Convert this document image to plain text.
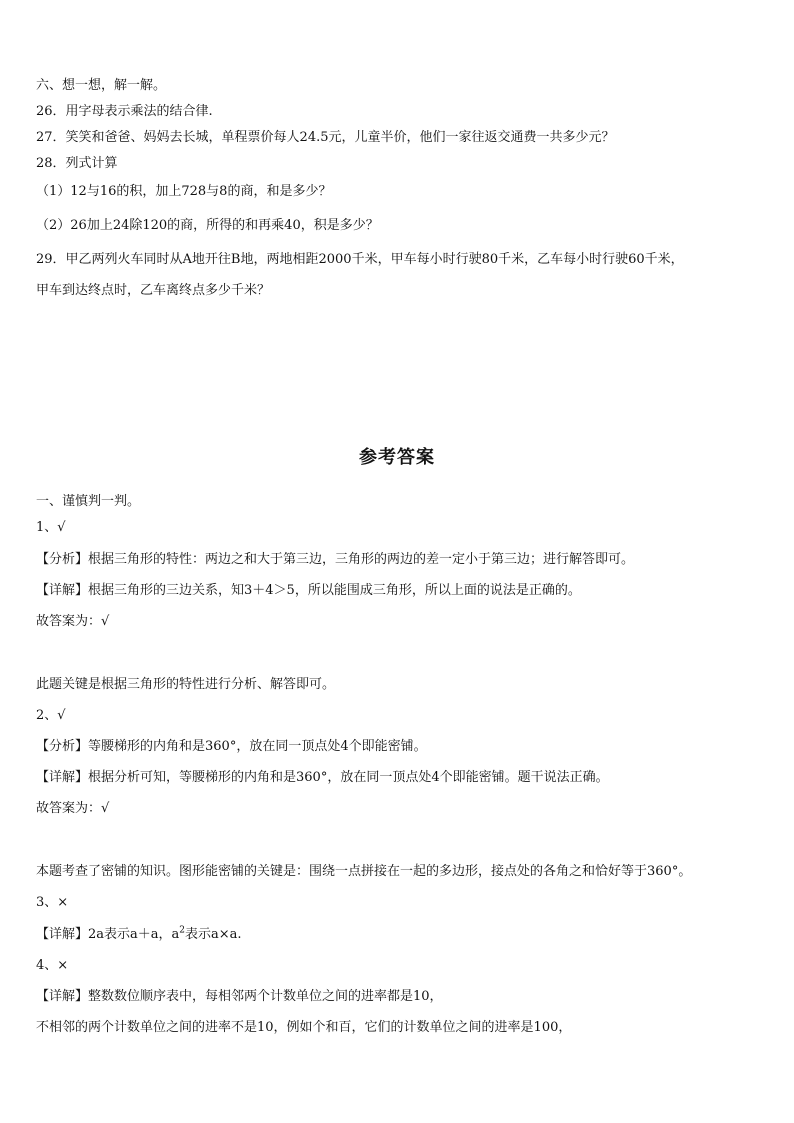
六、想一想，解一解。
26．用字母表示乘法的结合律.
27．笑笑和爸爸、妈妈去长城，单程票价每人24.5元，儿童半价，他们一家往返交通费一共多少元？
28．列式计算
（1）12与16的积，加上728与8的商，和是多少？
（2）26加上24除120的商，所得的和再乘40，积是多少？
29．甲乙两列火车同时从A地开往B地，两地相距2000千米，甲车每小时行驶80千米，乙车每小时行驶60千米，
甲车到达终点时，乙车离终点多少千米？
参考答案
一、谨慎判一判。
1、√
【分析】根据三角形的特性：两边之和大于第三边，三角形的两边的差一定小于第三边；进行解答即可。
【详解】根据三角形的三边关系，知3＋4＞5，所以能围成三角形，所以上面的说法是正确的。
故答案为：√
此题关键是根据三角形的特性进行分析、解答即可。
2、√
【分析】等腰梯形的内角和是360°，放在同一顶点处4个即能密铺。
【详解】根据分析可知，等腰梯形的内角和是360°，放在同一顶点处4个即能密铺。题干说法正确。
故答案为：√
本题考查了密铺的知识。图形能密铺的关键是：围绕一点拼接在一起的多边形，接点处的各角之和恰好等于360°。
3、×
【详解】2a表示a＋a，$a^2$表示a×a.
4、×
【详解】整数数位顺序表中，每相邻两个计数单位之间的进率都是10，
不相邻的两个计数单位之间的进率不是10，例如个和百，它们的计数单位之间的进率是100，
